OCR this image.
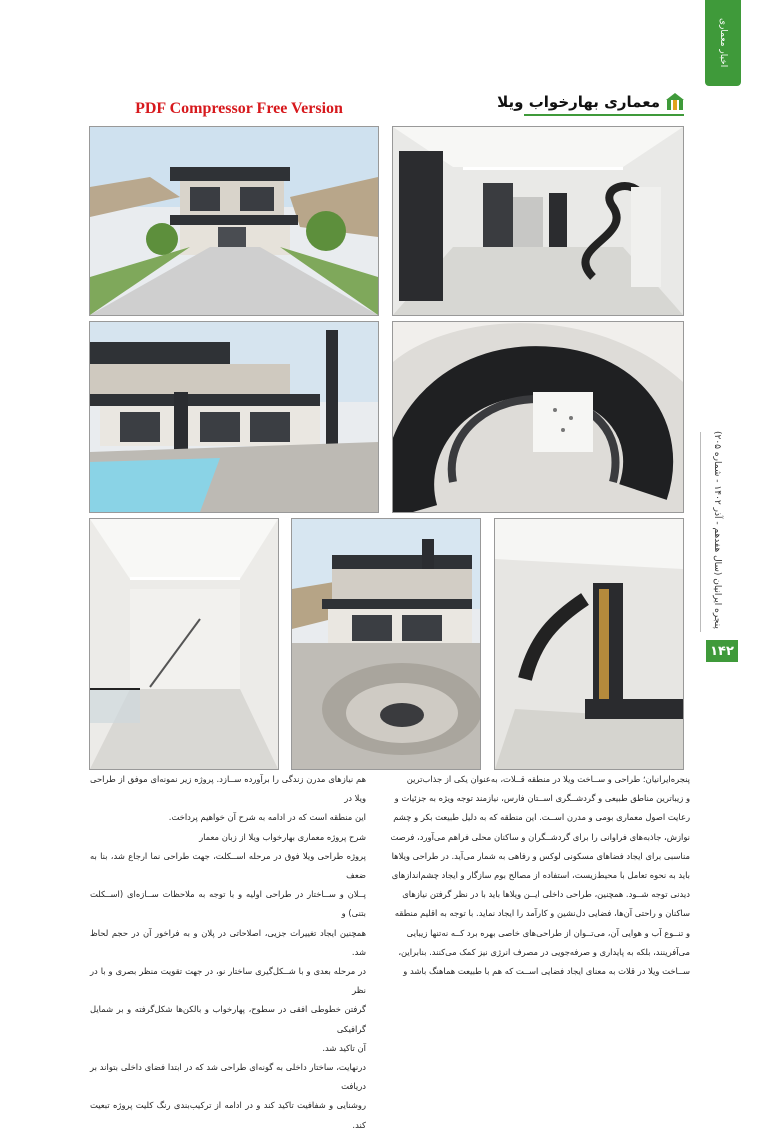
PDF Compressor Free Version
اخبار معماری
معماری بهارخواب ویلا
پنجره ایرانیان (سال هفدهم - آذر ۱۴۰۲ - شماره ۲۰۵)
۱۴۲

پنجره‌ایرانیان؛ طراحی و ســاخت ویلا در منطقه قــلات، به‌عنوان یکی از جذاب‌ترین

و زیباترین مناطق طبیعی و گردشــگری اســتان فارس، نیازمند توجه ویژه به جزئیات و

رعایت اصول معماری بومی و مدرن اســت. این منطقه که به دلیل طبیعت بکر و چشم

نوازش، جاذبه‌های فراوانی را برای گردشــگران و ساکنان محلی فراهم می‌آورد، فرصت

مناسبی برای ایجاد فضاهای مسکونی لوکس و رفاهی به شمار می‌آید. در طراحی ویلاها

باید به نحوه تعامل با محیط‌زیست، استفاده از مصالح بوم سازگار و ایجاد چشم‌اندازهای

دیدنی توجه شــود. همچنین، طراحی داخلی ایــن ویلاها باید با در نظر گرفتن نیازهای

ساکنان و راحتی آن‌ها، فضایی دل‌نشین و کارآمد را ایجاد نماید. با توجه به اقلیم منطقه

و تنــوع آب و هوایی آن، می‌تــوان از طراحی‌های خاصی بهره برد کــه نه‌تنها زیبایی

می‌آفرینند، بلکه به پایداری و صرفه‌جویی در مصرف انرژی نیز کمک می‌کنند. بنابراین،

ســاخت ویلا در قلات به معنای ایجاد فضایی اســت که هم با طبیعت هماهنگ باشد و

هم نیازهای مدرن زندگی را برآورده ســازد. پروژه زیر نمونه‌ای موفق از طراحی ویلا در

این منطقه است که در ادامه به شرح آن خواهیم پرداخت.

شرح پروژه معماری بهارخواب ویلا از زبان معمار

پروژه طراحی ویلا فوق در مرحله اســکلت، جهت طراحی نما ارجاع شد، بنا به ضعف

پــلان و ســاختار در طراحی اولیه و با توجه به ملاحظات ســازه‌ای (اســکلت بتنی) و

همچنین ایجاد تغییرات جزیی، اصلاحاتی در پلان و به فراخور آن در حجم لحاظ شد.

در مرحله بعدی و با شــکل‌گیری ساختار نو، در جهت تقویت منظر بصری و با در نظر

گرفتن خطوطی افقی در سطوح، پهارخواب و بالکن‌ها شکل‌گرفته و بر شمایل گرافیکی

آن تاکید شد.

درنهایت، ساختار داخلی به گونه‌ای طراحی شد که در ابتدا فضای داخلی بتواند بر دریافت

روشنایی و شفافیت تاکید کند و در ادامه از ترکیب‌بندی رنگ کلیت پروژه تبعیت کند.
